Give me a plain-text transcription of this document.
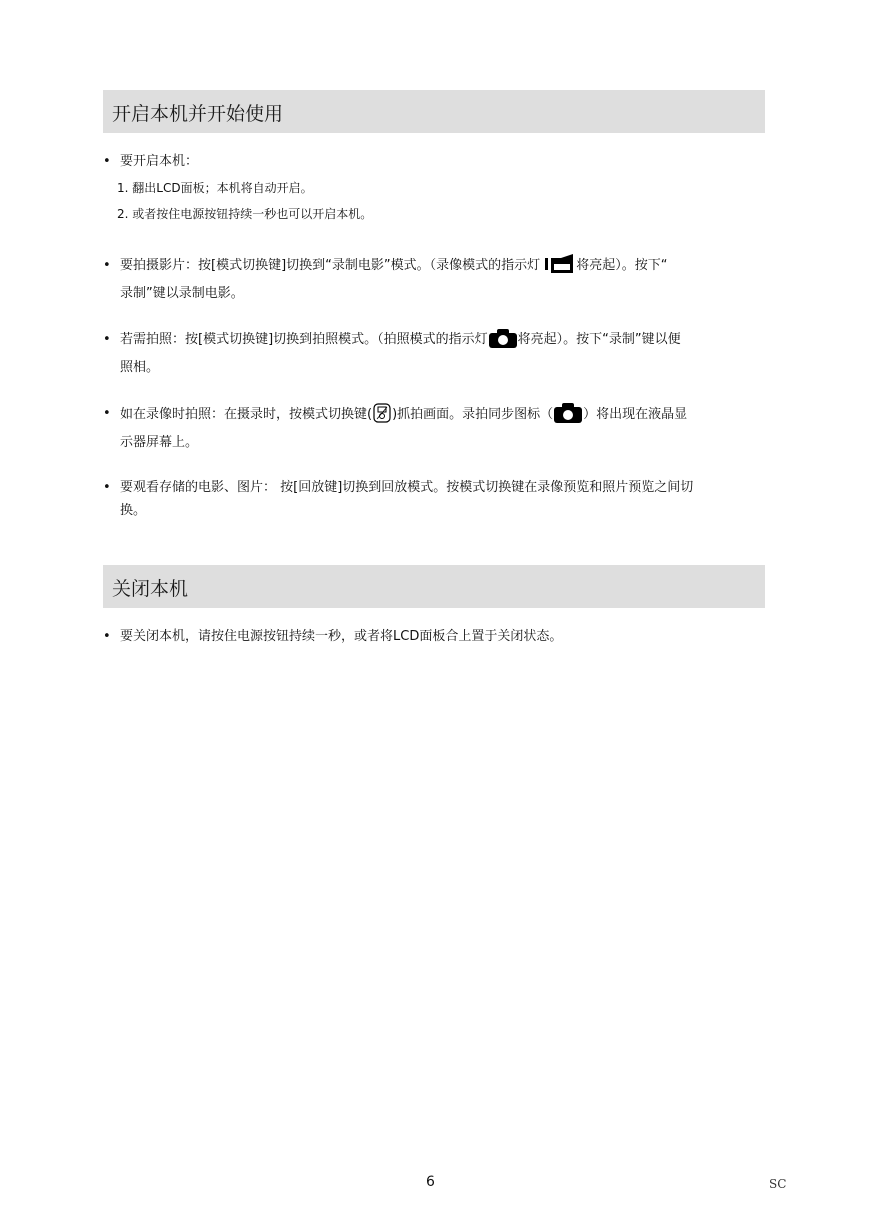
开启本机并开始使用
• 要开启本机：
1. 翻出LCD面板；本机将自动开启。
2. 或者按住电源按钮持续一秒也可以开启本机。
• 要拍摄影片：按[模式切换键]切换到“录制电影”模式。（录像模式的指示灯	将亮起）。按下“
录制”键以录制电影。
• 若需拍照：按[模式切换键]切换到拍照模式。（拍照模式的指示灯 将亮起）。按下“录制”键以便
照相。
• 如在录像时拍照：在摄录时，按模式切换键( )抓拍画面。录拍同步图标（ ）将出现在液晶显
示器屏幕上。
• 要观看存储的电影、图片： 按[回放键]切换到回放模式。按模式切换键在录像预览和照片预览之间切
换。
关闭本机
• 要关闭本机，请按住电源按钮持续一秒，或者将LCD面板合上置于关闭状态。
6	SC
